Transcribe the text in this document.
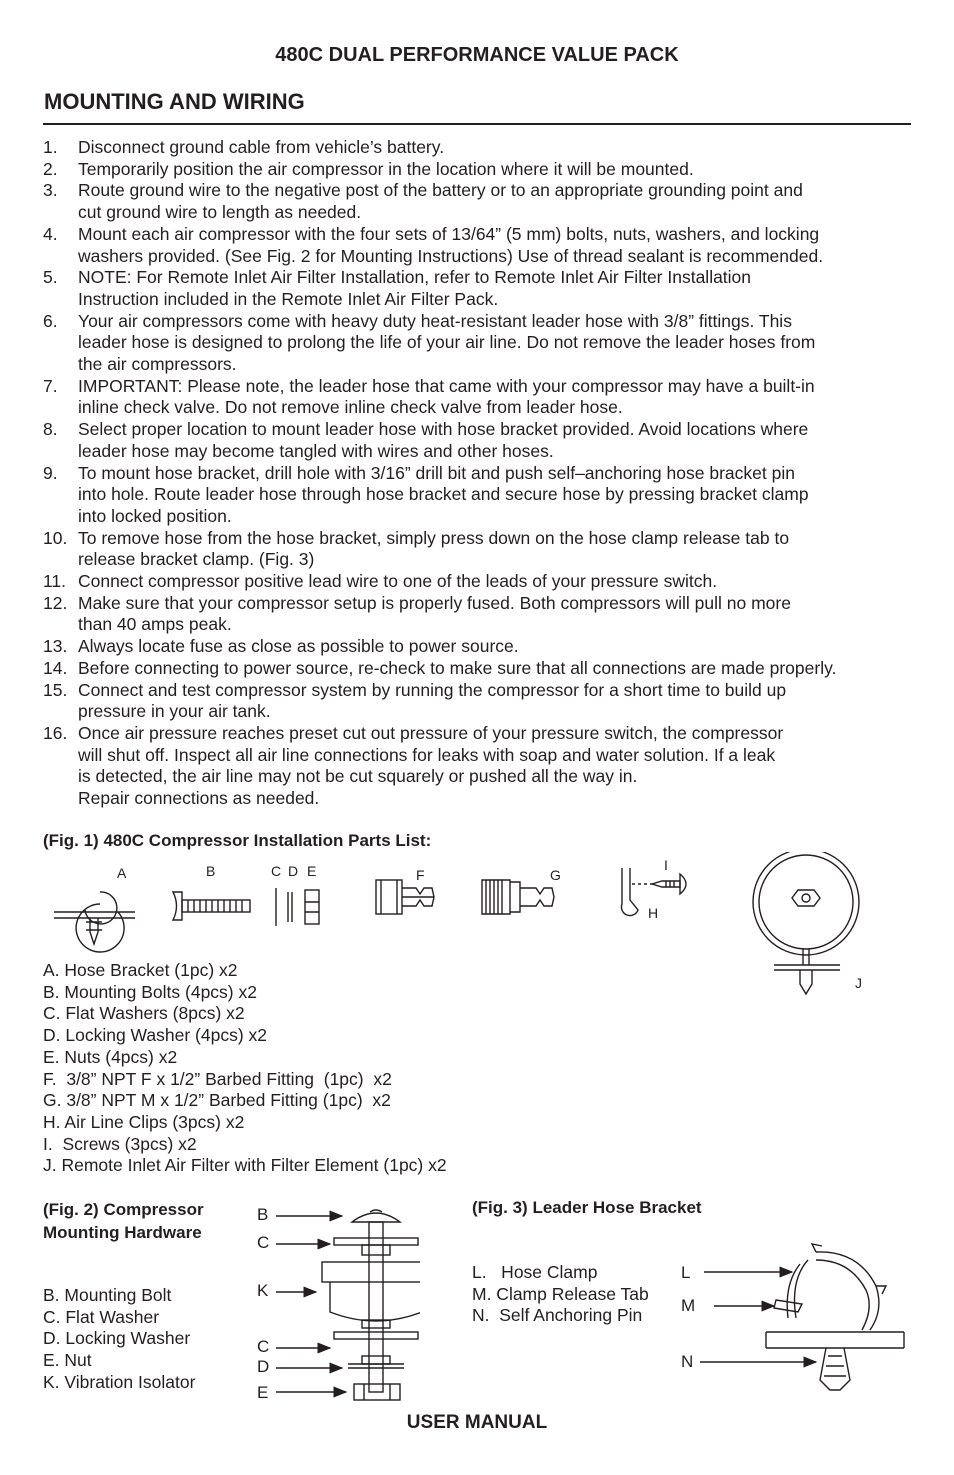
480C DUAL PERFORMANCE VALUE PACK
MOUNTING AND WIRING
1.	Disconnect ground cable from vehicle’s battery.
2.	Temporarily position the air compressor in the location where it will be mounted.
3.	Route ground wire to the negative post of the battery or to an appropriate grounding point and
cut ground wire to length as needed.
4.	Mount each air compressor with the four sets of 13/64” (5 mm) bolts, nuts, washers, and locking
washers provided. (See Fig. 2 for Mounting Instructions) Use of thread sealant is recommended.
5.	NOTE: For Remote Inlet Air Filter Installation, refer to Remote Inlet Air Filter Installation
Instruction included in the Remote Inlet Air Filter Pack.
6.	Your air compressors come with heavy duty heat-resistant leader hose with 3/8” fittings. This
leader hose is designed to prolong the life of your air line. Do not remove the leader hoses from
the air compressors.
7.	IMPORTANT: Please note, the leader hose that came with your compressor may have a built-in
inline check valve. Do not remove inline check valve from leader hose.
8.	Select proper location to mount leader hose with hose bracket provided. Avoid locations where
leader hose may become tangled with wires and other hoses.
9.	To mount hose bracket, drill hole with 3/16” drill bit and push self–anchoring hose bracket pin
into hole. Route leader hose through hose bracket and secure hose by pressing bracket clamp
into locked position.
10. To remove hose from the hose bracket, simply press down on the hose clamp release tab to
release bracket clamp. (Fig. 3)
11. Connect compressor positive lead wire to one of the leads of your pressure switch.
12. Make sure that your compressor setup is properly fused. Both compressors will pull no more
than 40 amps peak.
13. Always locate fuse as close as possible to power source.
14. Before connecting to power source, re-check to make sure that all connections are made properly.
15. Connect and test compressor system by running the compressor for a short time to build up
pressure in your air tank.
16. Once air pressure reaches preset cut out pressure of your pressure switch, the compressor
will shut off. Inspect all air line connections for leaks with soap and water solution. If a leak
is detected, the air line may not be cut squarely or pushed all the way in.
Repair connections as needed.
(Fig. 1) 480C Compressor Installation Parts List:
A	B	C D E	F	G
I
H
J
A. Hose Bracket (1pc) x2
B. Mounting Bolts (4pcs) x2
C. Flat Washers (8pcs) x2
D. Locking Washer (4pcs) x2
E. Nuts (4pcs) x2
F.  3/8” NPT F x 1/2” Barbed Fitting  (1pc)  x2
G. 3/8” NPT M x 1/2” Barbed Fitting (1pc)  x2
H. Air Line Clips (3pcs) x2
I.  Screws (3pcs) x2
J. Remote Inlet Air Filter with Filter Element (1pc) x2
(Fig. 2) Compressor
Mounting Hardware
B. Mounting Bolt
C. Flat Washer
D. Locking Washer
E. Nut
K. Vibration Isolator
B
C
K
C
D
E
(Fig. 3) Leader Hose Bracket
L.   Hose Clamp
M. Clamp Release Tab
N.  Self Anchoring Pin
L
M
N
USER MANUAL
